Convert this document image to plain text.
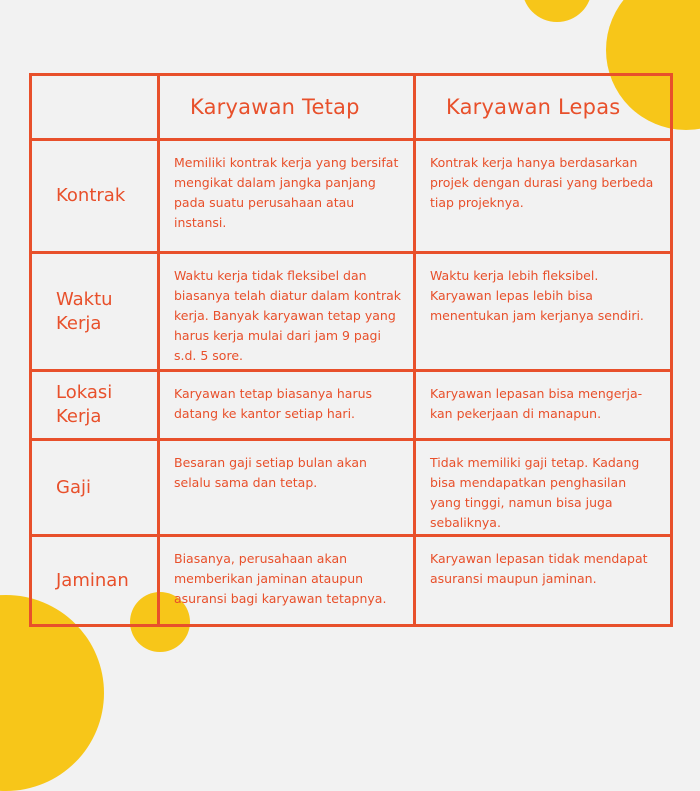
	Karyawan Tetap	Karyawan Lepas
Kontrak	Memiliki kontrak kerja yang bersifat mengikat dalam jangka panjang pada suatu perusahaan atau instansi.	Kontrak kerja hanya berdasarkan projek dengan durasi yang berbeda tiap projeknya.
Waktu Kerja	Waktu kerja tidak fleksibel dan biasanya telah diatur dalam kontrak kerja. Banyak karyawan tetap yang harus kerja mulai dari jam 9 pagi s.d. 5 sore.	Waktu kerja lebih fleksibel. Karyawan lepas lebih bisa menentukan jam kerjanya sendiri.
Lokasi Kerja	Karyawan tetap biasanya harus datang ke kantor setiap hari.	Karyawan lepasan bisa mengerja-kan pekerjaan di manapun.
Gaji	Besaran gaji setiap bulan akan selalu sama dan tetap.	Tidak memiliki gaji tetap. Kadang bisa mendapatkan penghasilan yang tinggi, namun bisa juga sebaliknya.
Jaminan	Biasanya, perusahaan akan memberikan jaminan ataupun asuransi bagi karyawan tetapnya.	Karyawan lepasan tidak mendapat asuransi maupun jaminan.
